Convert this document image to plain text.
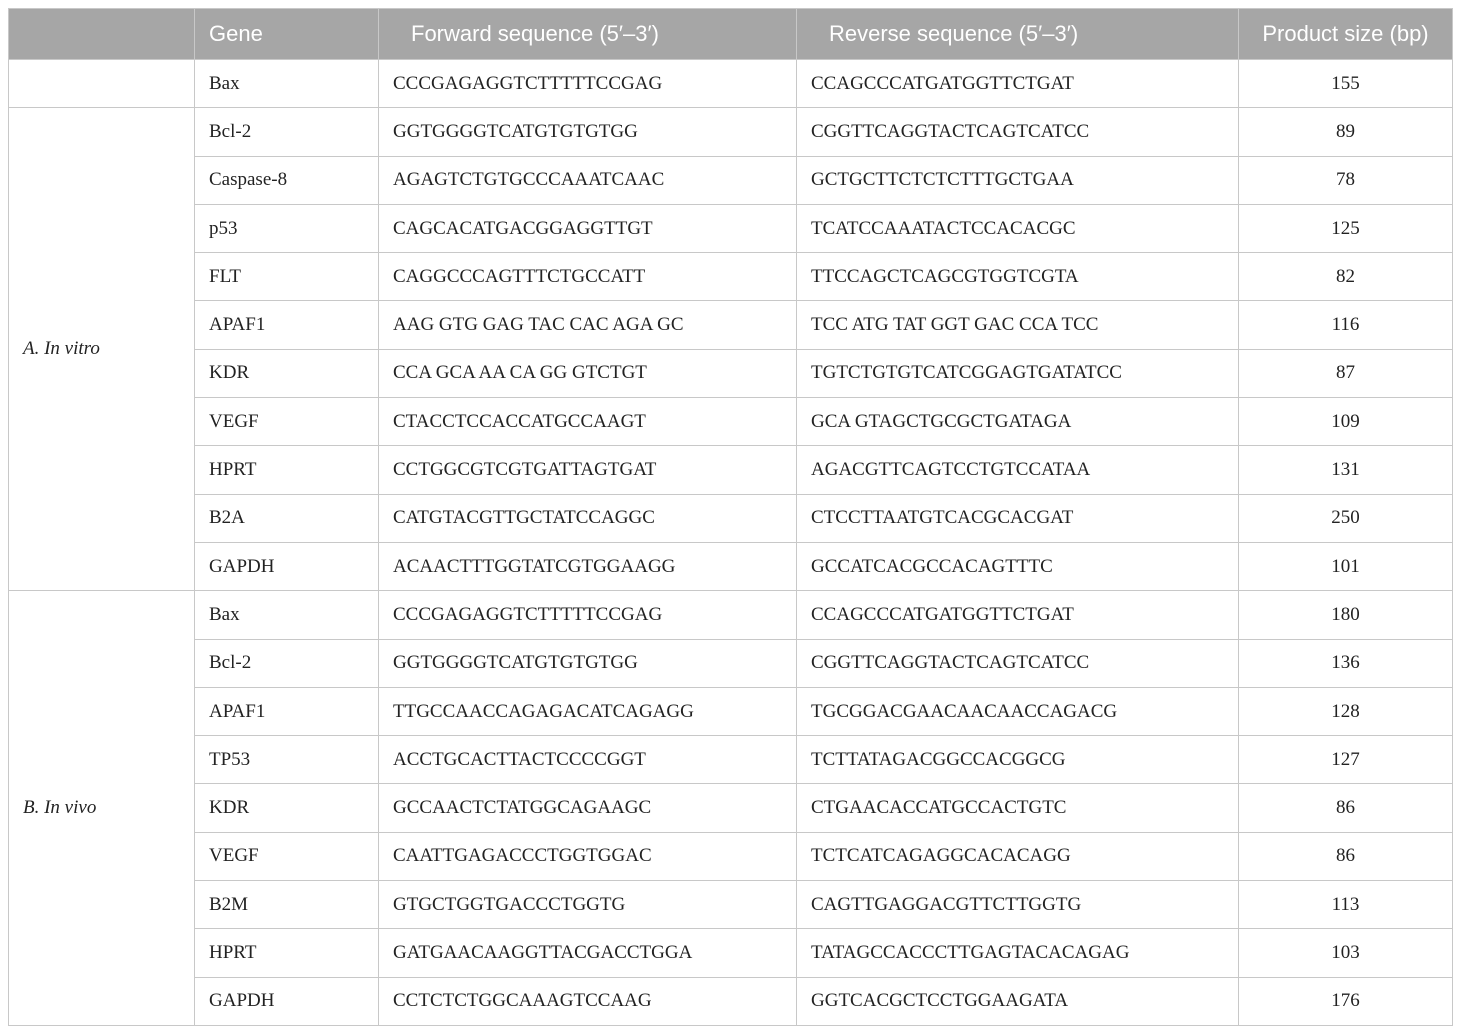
	Gene	Forward sequence (5′–3′)	Reverse sequence (5′–3′)	Product size (bp)
	Bax	CCCGAGAGGTCTTTTTCCGAG	CCAGCCCATGATGGTTCTGAT	155
A. In vitro	Bcl-2	GGTGGGGTCATGTGTGTGG	CGGTTCAGGTACTCAGTCATCC	89
	Caspase-8	AGAGTCTGTGCCCAAATCAAC	GCTGCTTCTCTCTTTGCTGAA	78
	p53	CAGCACATGACGGAGGTTGT	TCATCCAAATACTCCACACGC	125
	FLT	CAGGCCCAGTTTCTGCCATT	TTCCAGCTCAGCGTGGTCGTA	82
	APAF1	AAG GTG GAG TAC CAC AGA GC	TCC ATG TAT GGT GAC CCA TCC	116
	KDR	CCA GCA AA CA GG GTCTGT	TGTCTGTGTCATCGGAGTGATATCC	87
	VEGF	CTACCTCCACCATGCCAAGT	GCA GTAGCTGCGCTGATAGA	109
	HPRT	CCTGGCGTCGTGATTAGTGAT	AGACGTTCAGTCCTGTCCATAA	131
	B2A	CATGTACGTTGCTATCCAGGC	CTCCTTAATGTCACGCACGAT	250
	GAPDH	ACAACTTTGGTATCGTGGAAGG	GCCATCACGCCACAGTTTC	101
B. In vivo	Bax	CCCGAGAGGTCTTTTTCCGAG	CCAGCCCATGATGGTTCTGAT	180
	Bcl-2	GGTGGGGTCATGTGTGTGG	CGGTTCAGGTACTCAGTCATCC	136
	APAF1	TTGCCAACCAGAGACATCAGAGG	TGCGGACGAACAACAACCAGACG	128
	TP53	ACCTGCACTTACTCCCCGGT	TCTTATAGACGGCCACGGCG	127
	KDR	GCCAACTCTATGGCAGAAGC	CTGAACACCATGCCACTGTC	86
	VEGF	CAATTGAGACCCTGGTGGAC	TCTCATCAGAGGCACACAGG	86
	B2M	GTGCTGGTGACCCTGGTG	CAGTTGAGGACGTTCTTGGTG	113
	HPRT	GATGAACAAGGTTACGACCTGGA	TATAGCCACCCTTGAGTACACAGAG	103
	GAPDH	CCTCTCTGGCAAAGTCCAAG	GGTCACGCTCCTGGAAGATA	176
